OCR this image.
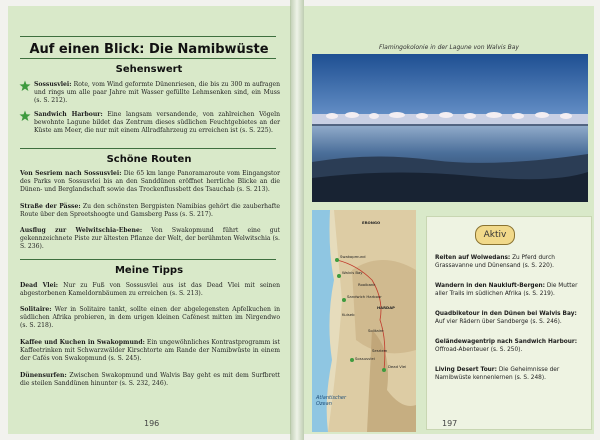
Auf einen Blick: Die Namibwüste
Sehenswert
Sossusvlei: Rote, vom Wind geformte Dünenriesen, die bis zu 300 m aufragen und rings um alle paar Jahre mit Wasser gefüllte Lehmsenken sind, ein Muss (s. S. 212).
Sandwich Harbour: Eine langsam versandende, von zahlreichen Vögeln bewohnte Lagune bildet das Zentrum dieses südlichen Feuchtgebietes an der Küste am Meer, die nur mit einem Allradfahrzeug zu erreichen ist (s. S. 225).
Schöne Routen
Von Sesriem nach Sossusvlei: Die 65 km lange Panoramaroute vom Eingangstor des Parks von Sossusvlei bis an den Sanddünen eröffnet herrliche Blicke an die Dünen- und Berglandschaft sowie das Trockenflussbett des Tsauchab (s. S. 213).
Straße der Pässe: Zu den schönsten Bergpisten Namibias gehört die zauberhafte Route über den Spreetshoogte und Gamsberg Pass (s. S. 217).
Ausflug zur Welwitschia-Ebene: Von Swakopmund führt eine gut gekennzeichnete Piste zur ältesten Pflanze der Welt, der berühmten Welwitschia (s. S. 236).
Meine Tipps
Dead Vlei: Nur zu Fuß von Sossusvlei aus ist das Dead Vlei mit seinen abgestorbenen Kameldornbäumen zu erreichen (s. S. 213).
Solitaire: Wer in Solitaire tankt, sollte einen der abgelegensten Apfelkuchen in südlichen Afrika probieren, in dem urigen kleinen Cafénest mitten im Nirgendwo (s. S. 218).
Kaffee und Kuchen in Swakopmund: Ein ungewöhnliches Kontrastprogramm ist Kaffeetrinken mit Schwarzwälder Kirschtorte am Rande der Namibwüste in einem der Cafés von Swakopmund (s. S. 245).
Dünensurfen: Zwischen Swakopmund und Walvis Bay geht es mit dem Surfbrett die steilen Sanddünen hinunter (s. S. 232, 246).
196
Flamingokolonie in der Lagune von Walvis Bay
ERONGO
HARDAP
Swakopmund
Walvis Bay
Rooibank
Sandwich Harbour
Solitaire
Sesriem
Sossusvlei
Dead Vlei
Kuiseb
Atlantischer Ozean
Aktiv
Reiten auf Wolwedans: Zu Pferd durch Grassavanne und Dünensand (s. S. 220).
Wandern in den Naukluft-Bergen: Die Mutter aller Trails im südlichen Afrika (s. S. 219).
Quadbiketour in den Dünen bei Walvis Bay: Auf vier Rädern über Sandberge (s. S. 246).
Geländewagentrip nach Sandwich Harbour: Offroad-Abenteuer (s. S. 250).
Living Desert Tour: Die Geheimnisse der Namibwüste kennenlernen (s. S. 248).
197
